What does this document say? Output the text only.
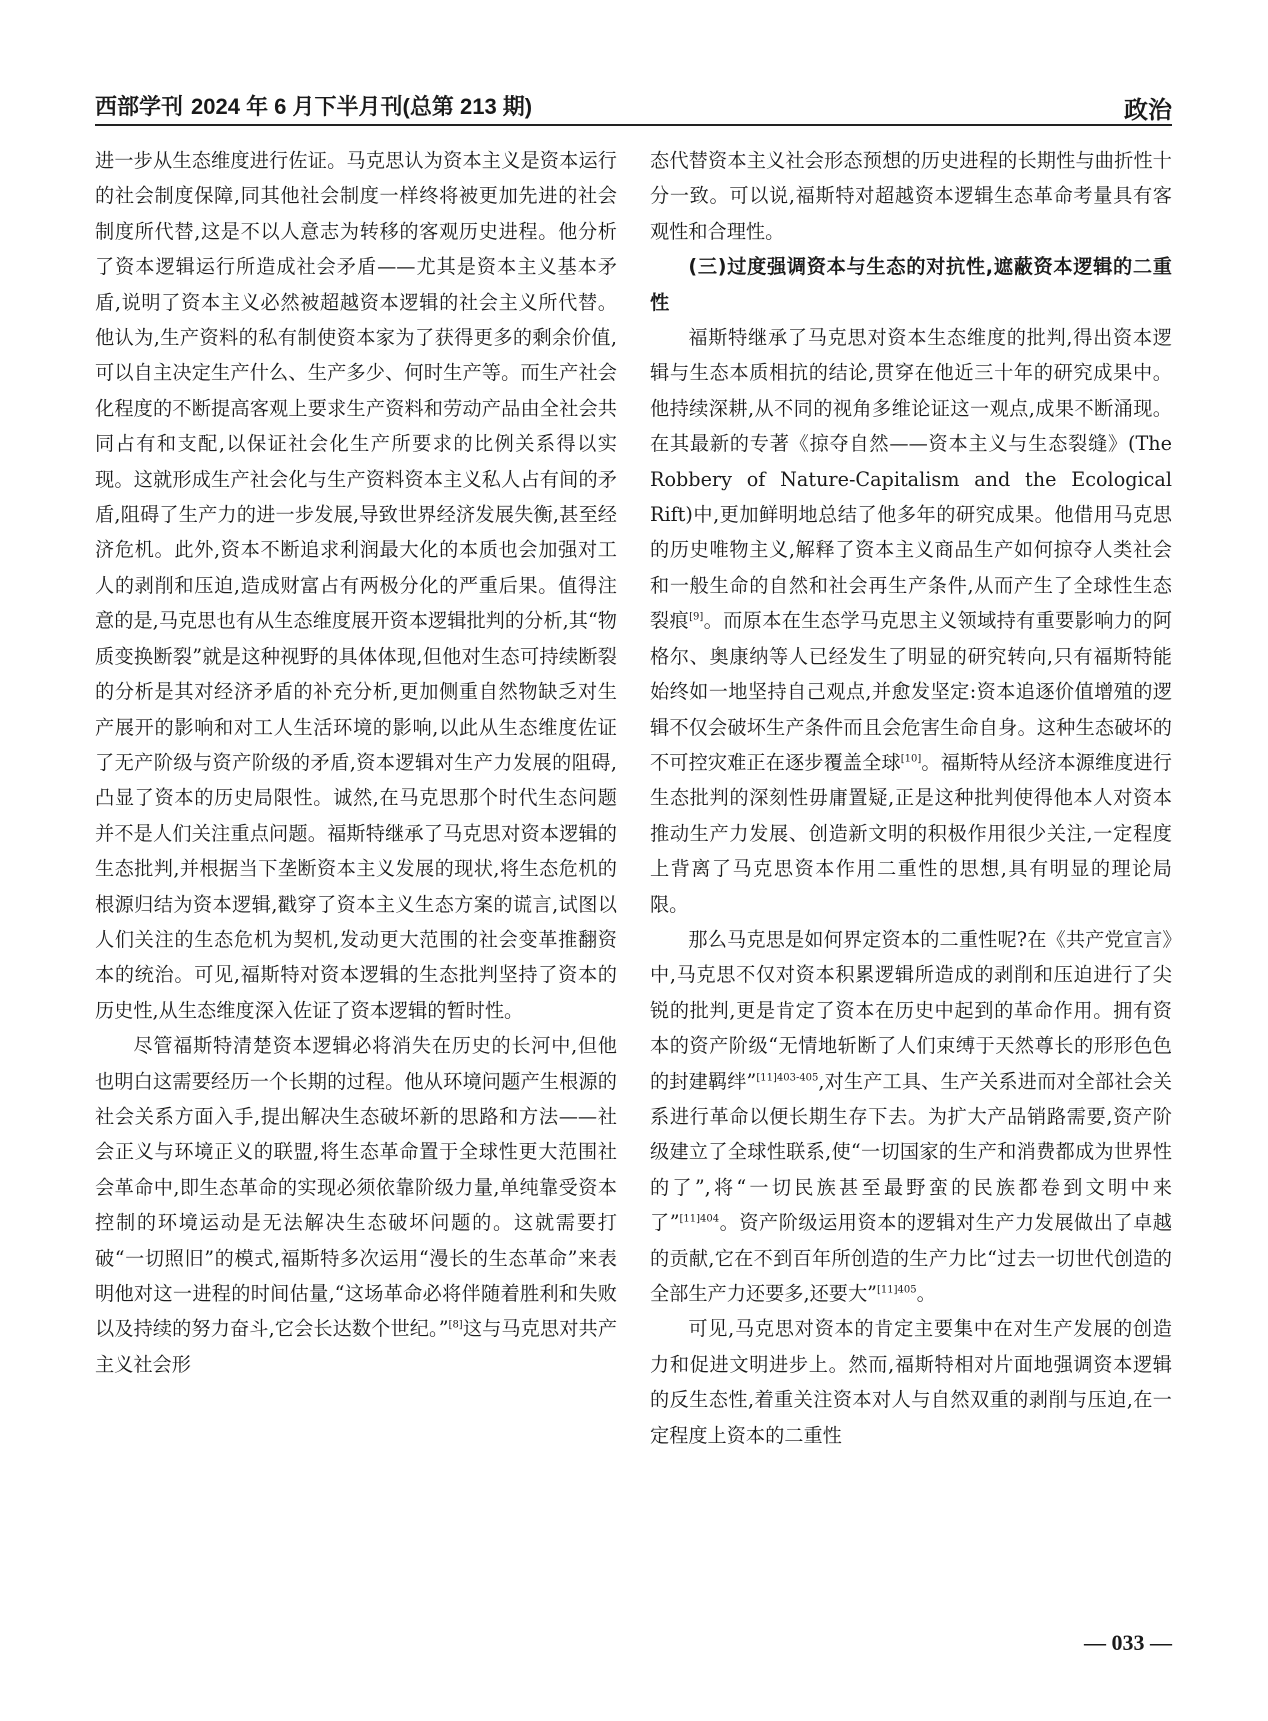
西部学刊 2024 年 6 月下半月刊(总第 213 期)	政治

进一步从生态维度进行佐证。马克思认为资本主义是资本运行的社会制度保障,同其他社会制度一样终将被更加先进的社会制度所代替,这是不以人意志为转移的客观历史进程。他分析了资本逻辑运行所造成社会矛盾——尤其是资本主义基本矛盾,说明了资本主义必然被超越资本逻辑的社会主义所代替。他认为,生产资料的私有制使资本家为了获得更多的剩余价值,可以自主决定生产什么、生产多少、何时生产等。而生产社会化程度的不断提高客观上要求生产资料和劳动产品由全社会共同占有和支配,以保证社会化生产所要求的比例关系得以实现。这就形成生产社会化与生产资料资本主义私人占有间的矛盾,阻碍了生产力的进一步发展,导致世界经济发展失衡,甚至经济危机。此外,资本不断追求利润最大化的本质也会加强对工人的剥削和压迫,造成财富占有两极分化的严重后果。值得注意的是,马克思也有从生态维度展开资本逻辑批判的分析,其“物质变换断裂”就是这种视野的具体体现,但他对生态可持续断裂的分析是其对经济矛盾的补充分析,更加侧重自然物缺乏对生产展开的影响和对工人生活环境的影响,以此从生态维度佐证了无产阶级与资产阶级的矛盾,资本逻辑对生产力发展的阻碍,凸显了资本的历史局限性。诚然,在马克思那个时代生态问题并不是人们关注重点问题。福斯特继承了马克思对资本逻辑的生态批判,并根据当下垄断资本主义发展的现状,将生态危机的根源归结为资本逻辑,戳穿了资本主义生态方案的谎言,试图以人们关注的生态危机为契机,发动更大范围的社会变革推翻资本的统治。可见,福斯特对资本逻辑的生态批判坚持了资本的历史性,从生态维度深入佐证了资本逻辑的暂时性。

尽管福斯特清楚资本逻辑必将消失在历史的长河中,但他也明白这需要经历一个长期的过程。他从环境问题产生根源的社会关系方面入手,提出解决生态破坏新的思路和方法——社会正义与环境正义的联盟,将生态革命置于全球性更大范围社会革命中,即生态革命的实现必须依靠阶级力量,单纯靠受资本控制的环境运动是无法解决生态破坏问题的。这就需要打破“一切照旧”的模式,福斯特多次运用“漫长的生态革命”来表明他对这一进程的时间估量,“这场革命必将伴随着胜利和失败以及持续的努力奋斗,它会长达数个世纪。”[8]这与马克思对共产主义社会形

态代替资本主义社会形态预想的历史进程的长期性与曲折性十分一致。可以说,福斯特对超越资本逻辑生态革命考量具有客观性和合理性。

(三)过度强调资本与生态的对抗性,遮蔽资本逻辑的二重性

福斯特继承了马克思对资本生态维度的批判,得出资本逻辑与生态本质相抗的结论,贯穿在他近三十年的研究成果中。他持续深耕,从不同的视角多维论证这一观点,成果不断涌现。在其最新的专著《掠夺自然——资本主义与生态裂缝》(The Robbery of Nature-Capitalism and the Ecological Rift)中,更加鲜明地总结了他多年的研究成果。他借用马克思的历史唯物主义,解释了资本主义商品生产如何掠夺人类社会和一般生命的自然和社会再生产条件,从而产生了全球性生态裂痕[9]。而原本在生态学马克思主义领域持有重要影响力的阿格尔、奥康纳等人已经发生了明显的研究转向,只有福斯特能始终如一地坚持自己观点,并愈发坚定:资本追逐价值增殖的逻辑不仅会破坏生产条件而且会危害生命自身。这种生态破坏的不可控灾难正在逐步覆盖全球[10]。福斯特从经济本源维度进行生态批判的深刻性毋庸置疑,正是这种批判使得他本人对资本推动生产力发展、创造新文明的积极作用很少关注,一定程度上背离了马克思资本作用二重性的思想,具有明显的理论局限。

那么马克思是如何界定资本的二重性呢?在《共产党宣言》中,马克思不仅对资本积累逻辑所造成的剥削和压迫进行了尖锐的批判,更是肯定了资本在历史中起到的革命作用。拥有资本的资产阶级“无情地斩断了人们束缚于天然尊长的形形色色的封建羁绊”$^{[11]403-405}$,对生产工具、生产关系进而对全部社会关系进行革命以便长期生存下去。为扩大产品销路需要,资产阶级建立了全球性联系,使“一切国家的生产和消费都成为世界性的了”,将“一切民族甚至最野蛮的民族都卷到文明中来了”$^{[11]404}$。资产阶级运用资本的逻辑对生产力发展做出了卓越的贡献,它在不到百年所创造的生产力比“过去一切世代创造的全部生产力还要多,还要大”$^{[11]405}$。

可见,马克思对资本的肯定主要集中在对生产发展的创造力和促进文明进步上。然而,福斯特相对片面地强调资本逻辑的反生态性,着重关注资本对人与自然双重的剥削与压迫,在一定程度上资本的二重性

— 033 —
